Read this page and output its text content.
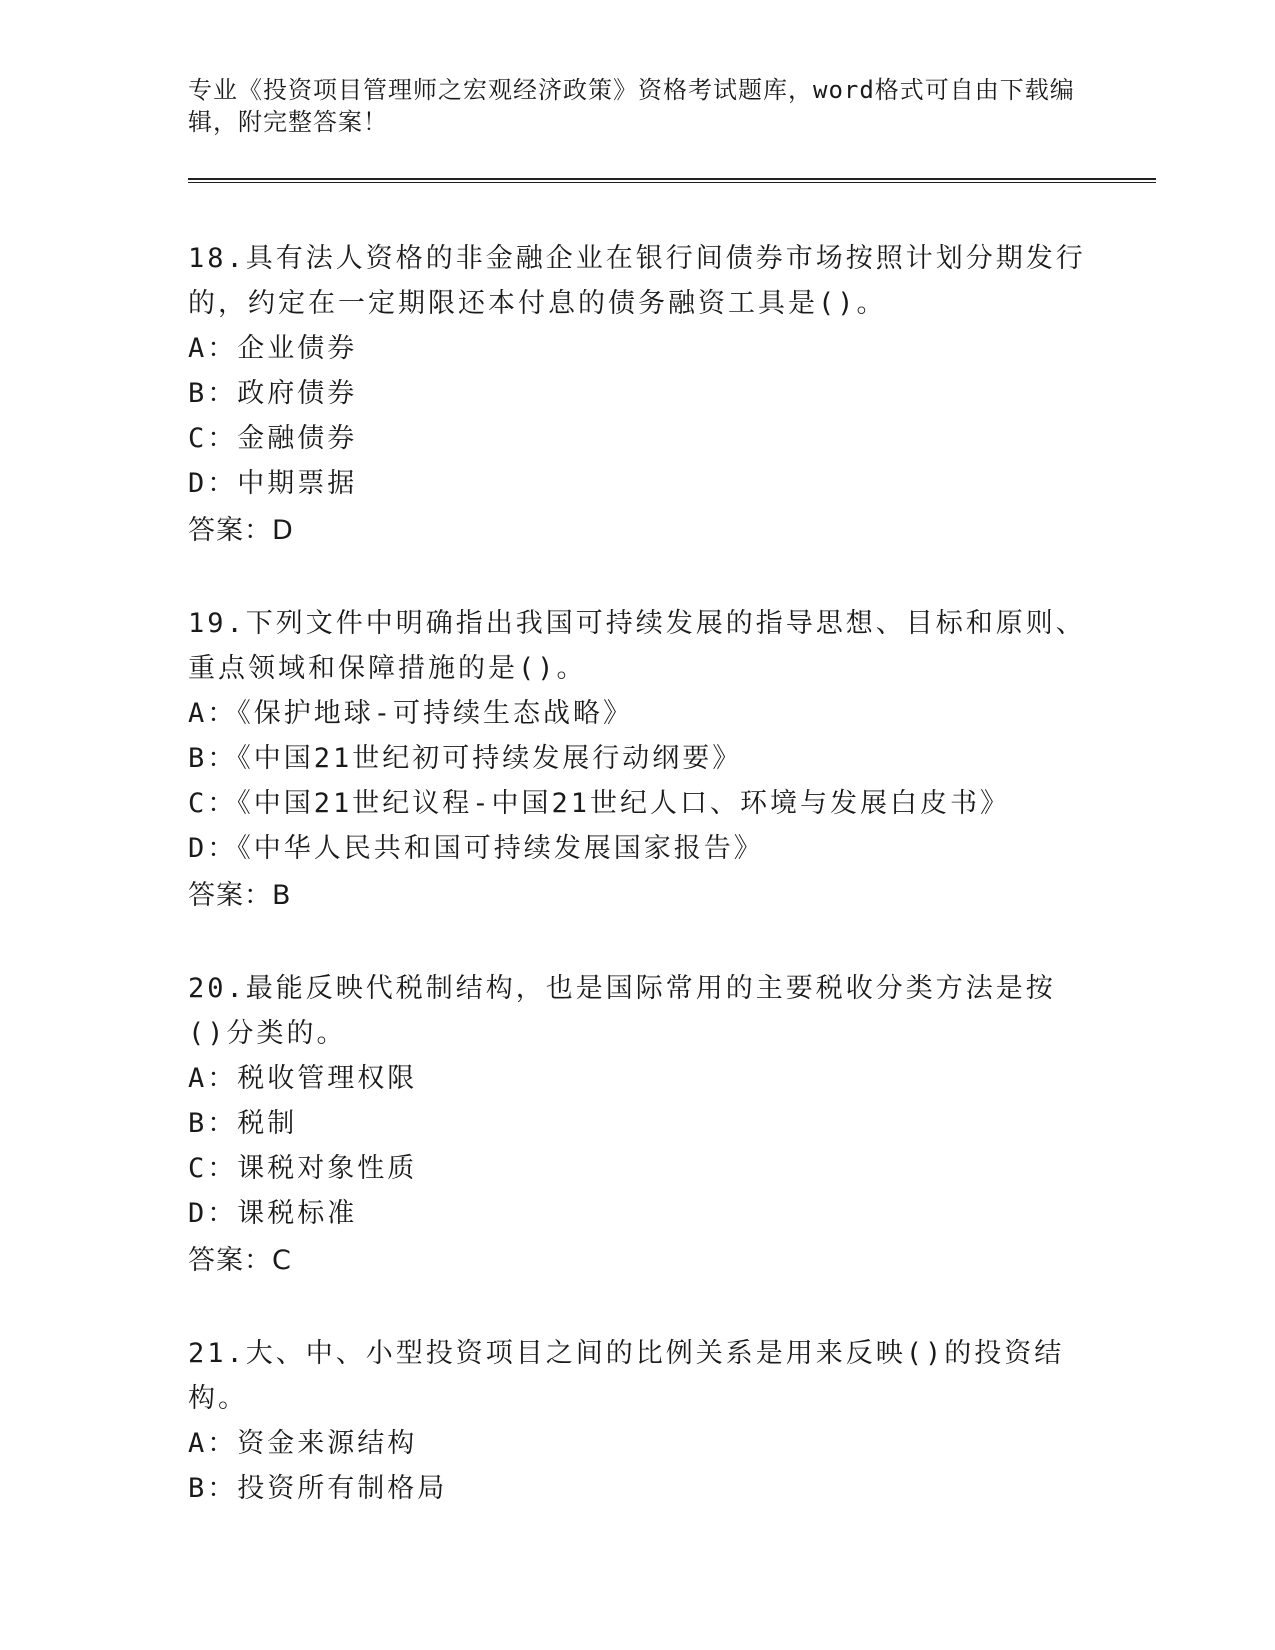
专业《投资项目管理师之宏观经济政策》资格考试题库，word格式可自由下载编辑，附完整答案！
18.具有法人资格的非金融企业在银行间债券市场按照计划分期发行的，约定在一定期限还本付息的债务融资工具是()。
A：企业债券
B：政府债券
C：金融债券
D：中期票据
答案：D
19.下列文件中明确指出我国可持续发展的指导思想、目标和原则、重点领域和保障措施的是()。
A：《保护地球-可持续生态战略》
B：《中国21世纪初可持续发展行动纲要》
C：《中国21世纪议程-中国21世纪人口、环境与发展白皮书》
D：《中华人民共和国可持续发展国家报告》
答案：B
20.最能反映代税制结构，也是国际常用的主要税收分类方法是按()分类的。
A：税收管理权限
B：税制
C：课税对象性质
D：课税标准
答案：C
21.大、中、小型投资项目之间的比例关系是用来反映()的投资结构。
A：资金来源结构
B：投资所有制格局
